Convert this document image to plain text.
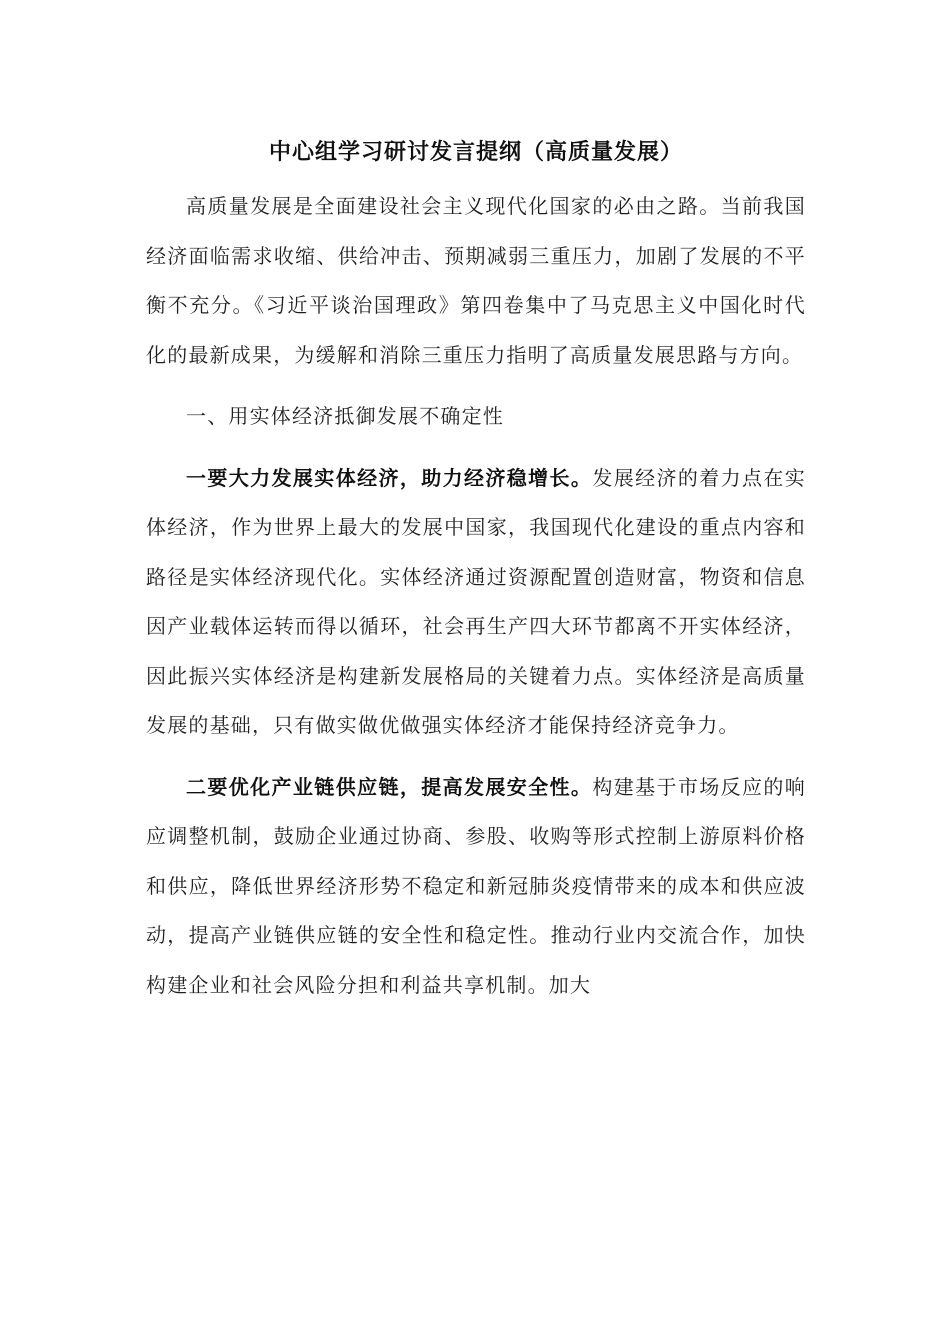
中心组学习研讨发言提纲（高质量发展）

高质量发展是全面建设社会主义现代化国家的必由之路。当前我国经济面临需求收缩、供给冲击、预期减弱三重压力，加剧了发展的不平衡不充分。《习近平谈治国理政》第四卷集中了马克思主义中国化时代化的最新成果，为缓解和消除三重压力指明了高质量发展思路与方向。

一、用实体经济抵御发展不确定性

一要大力发展实体经济，助力经济稳增长。发展经济的着力点在实体经济，作为世界上最大的发展中国家，我国现代化建设的重点内容和路径是实体经济现代化。实体经济通过资源配置创造财富，物资和信息因产业载体运转而得以循环，社会再生产四大环节都离不开实体经济，因此振兴实体经济是构建新发展格局的关键着力点。实体经济是高质量发展的基础，只有做实做优做强实体经济才能保持经济竞争力。

二要优化产业链供应链，提高发展安全性。构建基于市场反应的响应调整机制，鼓励企业通过协商、参股、收购等形式控制上游原料价格和供应，降低世界经济形势不稳定和新冠肺炎疫情带来的成本和供应波动，提高产业链供应链的安全性和稳定性。推动行业内交流合作，加快构建企业和社会风险分担和利益共享机制。加大
